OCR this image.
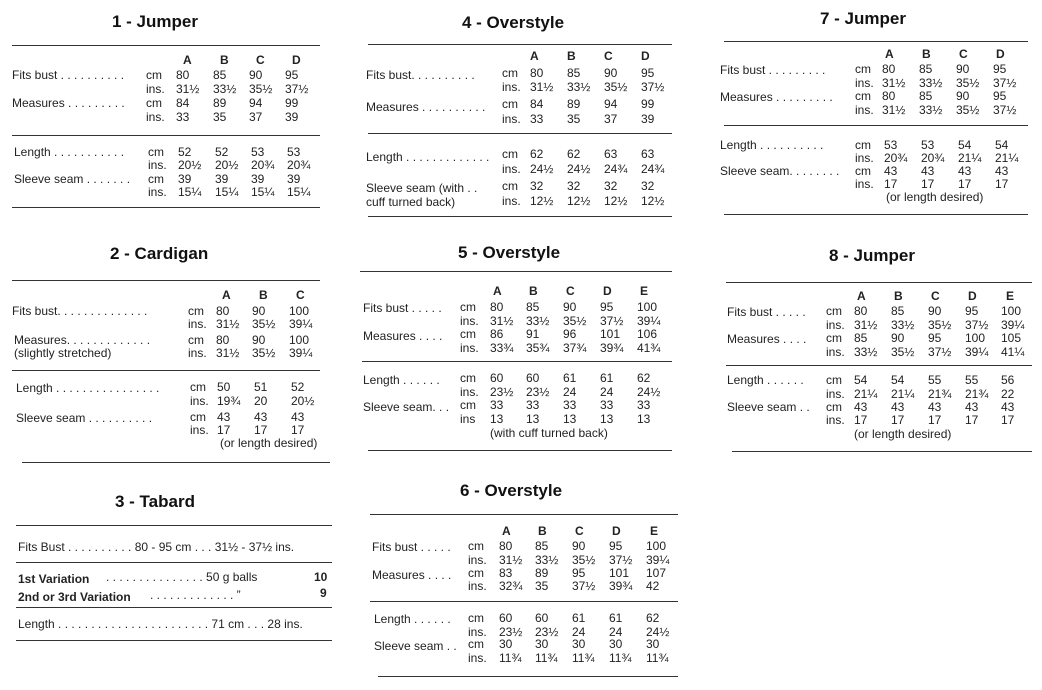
1 - Jumper
A B C D
Fits bust . . . . . . . . . . cm 80 85 90 95
ins. 31½ 33½ 35½ 37½
Measures . . . . . . . . . cm 84 89 94 99
ins. 33 35 37 39
Length . . . . . . . . . . . cm 52 52 53 53
ins. 20½ 20½ 20¾ 20¾
Sleeve seam . . . . . . . cm 39 39 39 39
ins. 15¼ 15¼ 15¼ 15¼
2 - Cardigan
A B C
Fits bust. . . . . . . . . . . . . .	cm 80 90 100
ins. 31½ 35½ 39¼
Measures. . . . . . . . . . . . .
(slightly stretched)
cm 80 90 100
ins. 31½ 35½ 39¼
Length . . . . . . . . . . . . . . . .	cm 50 51 52
ins. 19¾ 20 20½
Sleeve seam . . . . . . . . . .	cm 43 43 43
ins. 17 17 17
(or length desired)
3 - Tabard
Fits Bust . . . . . . . . . . 80 - 95 cm . . . 31½ - 37½ ins.
1st Variation . . . . . . . . . . . . . . . 50 g balls	10
2nd or 3rd Variation . . . . . . . . . . . . . ”	9
Length . . . . . . . . . . . . . . . . . . . . . . . 71 cm . . . 28 ins.
4 - Overstyle
A B C D
Fits bust. . . . . . . . . . cm 80 85 90 95
ins. 31½ 33½ 35½ 37½
Measures . . . . . . . . . . cm 84 89 94 99
ins. 33 35 37 39
Length . . . . . . . . . . . . . cm 62 62 63 63
ins. 24½ 24½ 24¾ 24¾
Sleeve seam (with . .
cuff turned back)
cm 32 32 32 32
ins. 12½ 12½ 12½ 12½
5 - Overstyle
A B C D E
Fits bust . . . . . cm 80 85 90 95 100
ins. 31½ 33½ 35½ 37½ 39¼
Measures . . . . cm 86 91 96 101 106
ins. 33¾ 35¾ 37¾ 39¾ 41¾
Length . . . . . . cm 60 60 61 61 62
ins. 23½ 23½ 24 24 24½
Sleeve seam. . . cm 33 33 33 33 33
ins 13 13 13 13 13
(with cuff turned back)
6 - Overstyle
A B C D E
Fits bust . . . . . cm 80 85 90 95 100
ins. 31½ 33½ 35½ 37½ 39¼
Measures . . . . cm 83 89 95 101 107
ins. 32¾ 35 37½ 39¾ 42
Length . . . . . . cm 60 60 61 61 62
ins. 23½ 23½ 24 24 24½
Sleeve seam . . cm 30 30 30 30 30
ins. 11¾ 11¾ 11¾ 11¾ 11¾
7 - Jumper
A B C D
Fits bust . . . . . . . . . cm 80 85 90 95
ins. 31½ 33½ 35½ 37½
Measures . . . . . . . . . cm 80 85 90 95
ins. 31½ 33½ 35½ 37½
Length . . . . . . . . . .	cm 53 53 54 54
ins. 20¾ 20¾ 21¼ 21¼
Sleeve seam. . . . . . . . cm 43 43 43 43
ins. 17 17 17 17
(or length desired)
8 - Jumper
A B C D E
Fits bust . . . . . cm 80 85 90 95 100
ins. 31½ 33½ 35½ 37½ 39¼
Measures . . . . cm 85 90 95 100 105
ins. 33½ 35½ 37½ 39¼ 41¼
Length . . . . . . cm 54 54 55 55 56
ins. 21¼ 21¼ 21¾ 21¾ 22
Sleeve seam . . cm 43 43 43 43 43
ins. 17 17 17 17 17
(or length desired)
